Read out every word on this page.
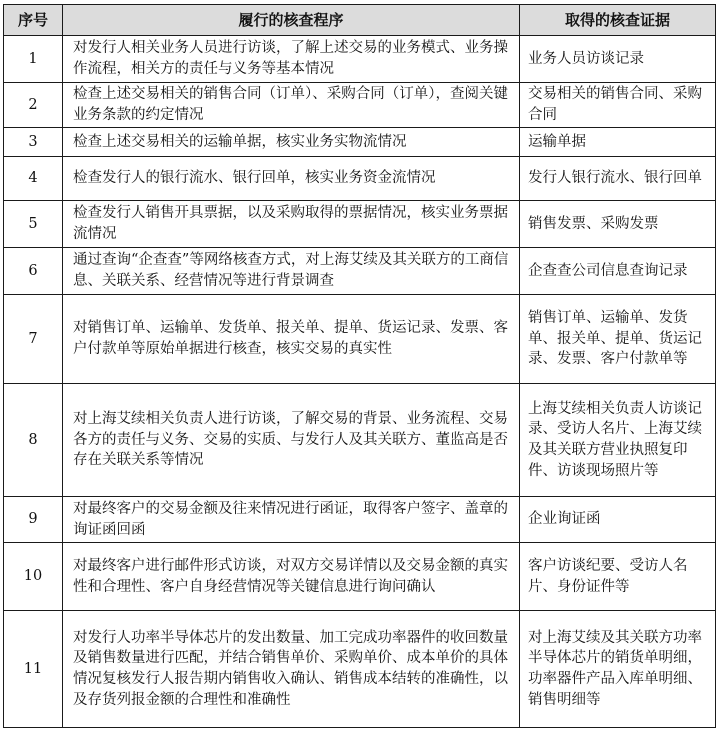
序号	履行的核查程序	取得的核查证据
1	对发行人相关业务人员进行访谈，了解上述交易的业务模式、业务操作流程，相关方的责任与义务等基本情况	业务人员访谈记录
2	检查上述交易相关的销售合同（订单）、采购合同（订单），查阅关键业务条款的约定情况	交易相关的销售合同、采购合同
3	检查上述交易相关的运输单据，核实业务实物流情况	运输单据
4	检查发行人的银行流水、银行回单，核实业务资金流情况	发行人银行流水、银行回单
5	检查发行人销售开具票据，以及采购取得的票据情况，核实业务票据流情况	销售发票、采购发票
6	通过查询“企查查”等网络核查方式，对上海艾续及其关联方的工商信息、关联关系、经营情况等进行背景调查	企查查公司信息查询记录
7	对销售订单、运输单、发货单、报关单、提单、货运记录、发票、客户付款单等原始单据进行核查，核实交易的真实性	销售订单、运输单、发货单、报关单、提单、货运记录、发票、客户付款单等
8	对上海艾续相关负责人进行访谈，了解交易的背景、业务流程、交易各方的责任与义务、交易的实质、与发行人及其关联方、董监高是否存在关联关系等情况	上海艾续相关负责人访谈记录、受访人名片、上海艾续及其关联方营业执照复印件、访谈现场照片等
9	对最终客户的交易金额及往来情况进行函证，取得客户签字、盖章的询证函回函	企业询证函
10	对最终客户进行邮件形式访谈，对双方交易详情以及交易金额的真实性和合理性、客户自身经营情况等关键信息进行询问确认	客户访谈纪要、受访人名片、身份证件等
11	对发行人功率半导体芯片的发出数量、加工完成功率器件的收回数量及销售数量进行匹配，并结合销售单价、采购单价、成本单价的具体情况复核发行人报告期内销售收入确认、销售成本结转的准确性，以及存货列报金额的合理性和准确性	对上海艾续及其关联方功率半导体芯片的销货单明细，功率器件产品入库单明细、销售明细等
